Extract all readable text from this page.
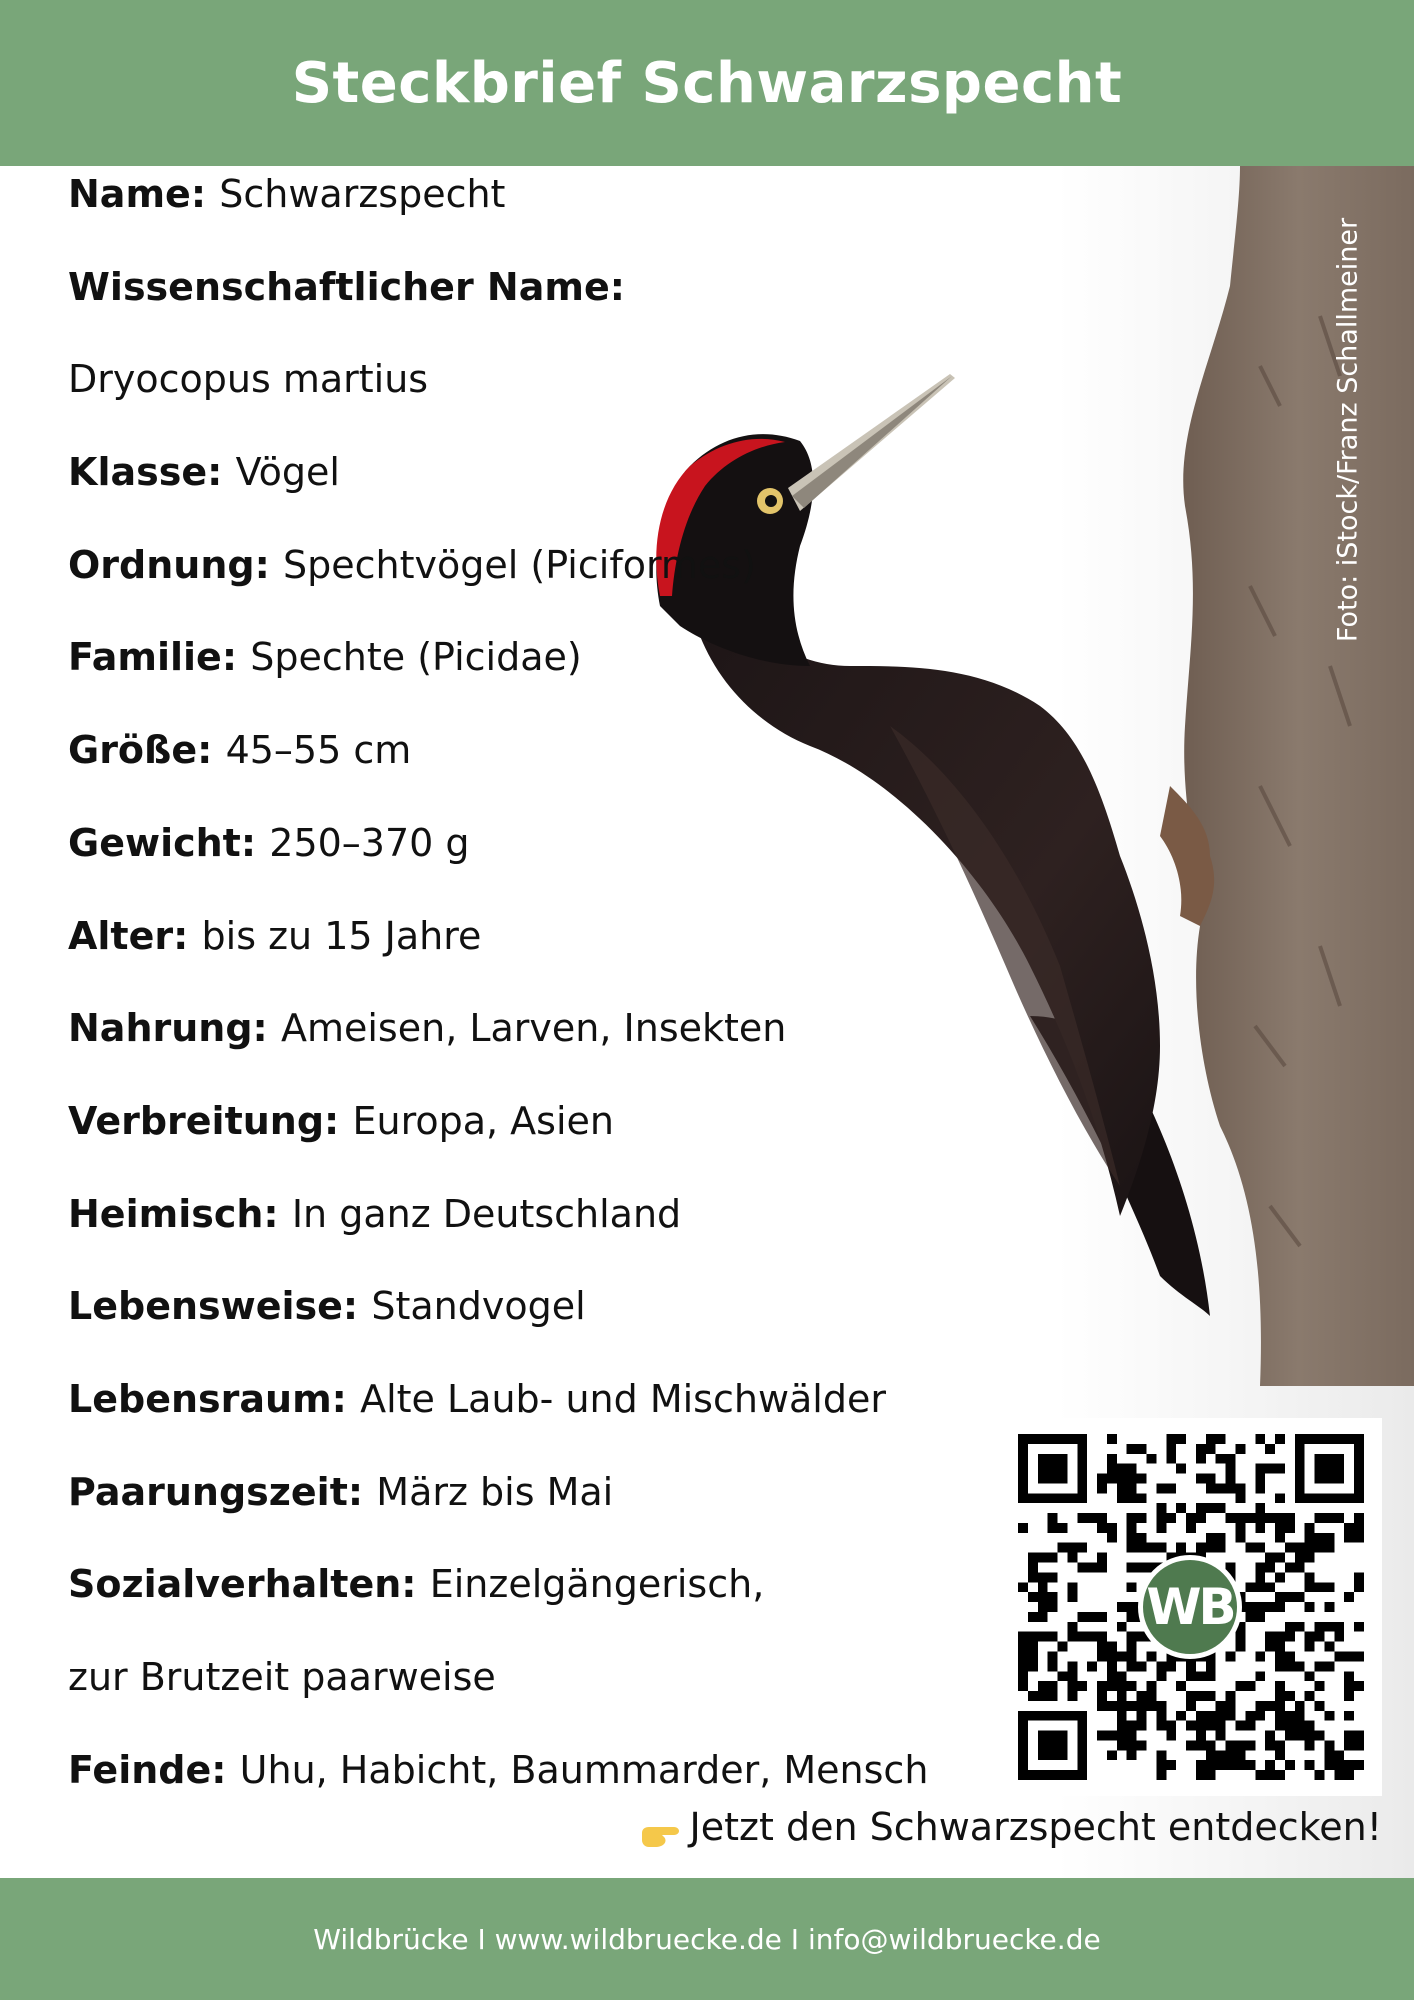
Steckbrief Schwarzspecht
Foto: iStock/Franz Schallmeiner
Name: Schwarzspecht
Wissenschaftlicher Name:
Dryocopus martius
Klasse: Vögel
Ordnung: Spechtvögel (Piciformes)
Familie: Spechte (Picidae)
Größe: 45–55 cm
Gewicht: 250–370 g
Alter: bis zu 15 Jahre
Nahrung: Ameisen, Larven, Insekten
Verbreitung: Europa, Asien
Heimisch: In ganz Deutschland
Lebensweise: Standvogel
Lebensraum: Alte Laub- und Mischwälder
Paarungszeit: März bis Mai
Sozialverhalten: Einzelgängerisch,
zur Brutzeit paarweise
Feinde: Uhu, Habicht, Baummarder, Mensch
WB
Jetzt den Schwarzspecht entdecken!
Wildbrücke I www.wildbruecke.de I info@wildbruecke.de
